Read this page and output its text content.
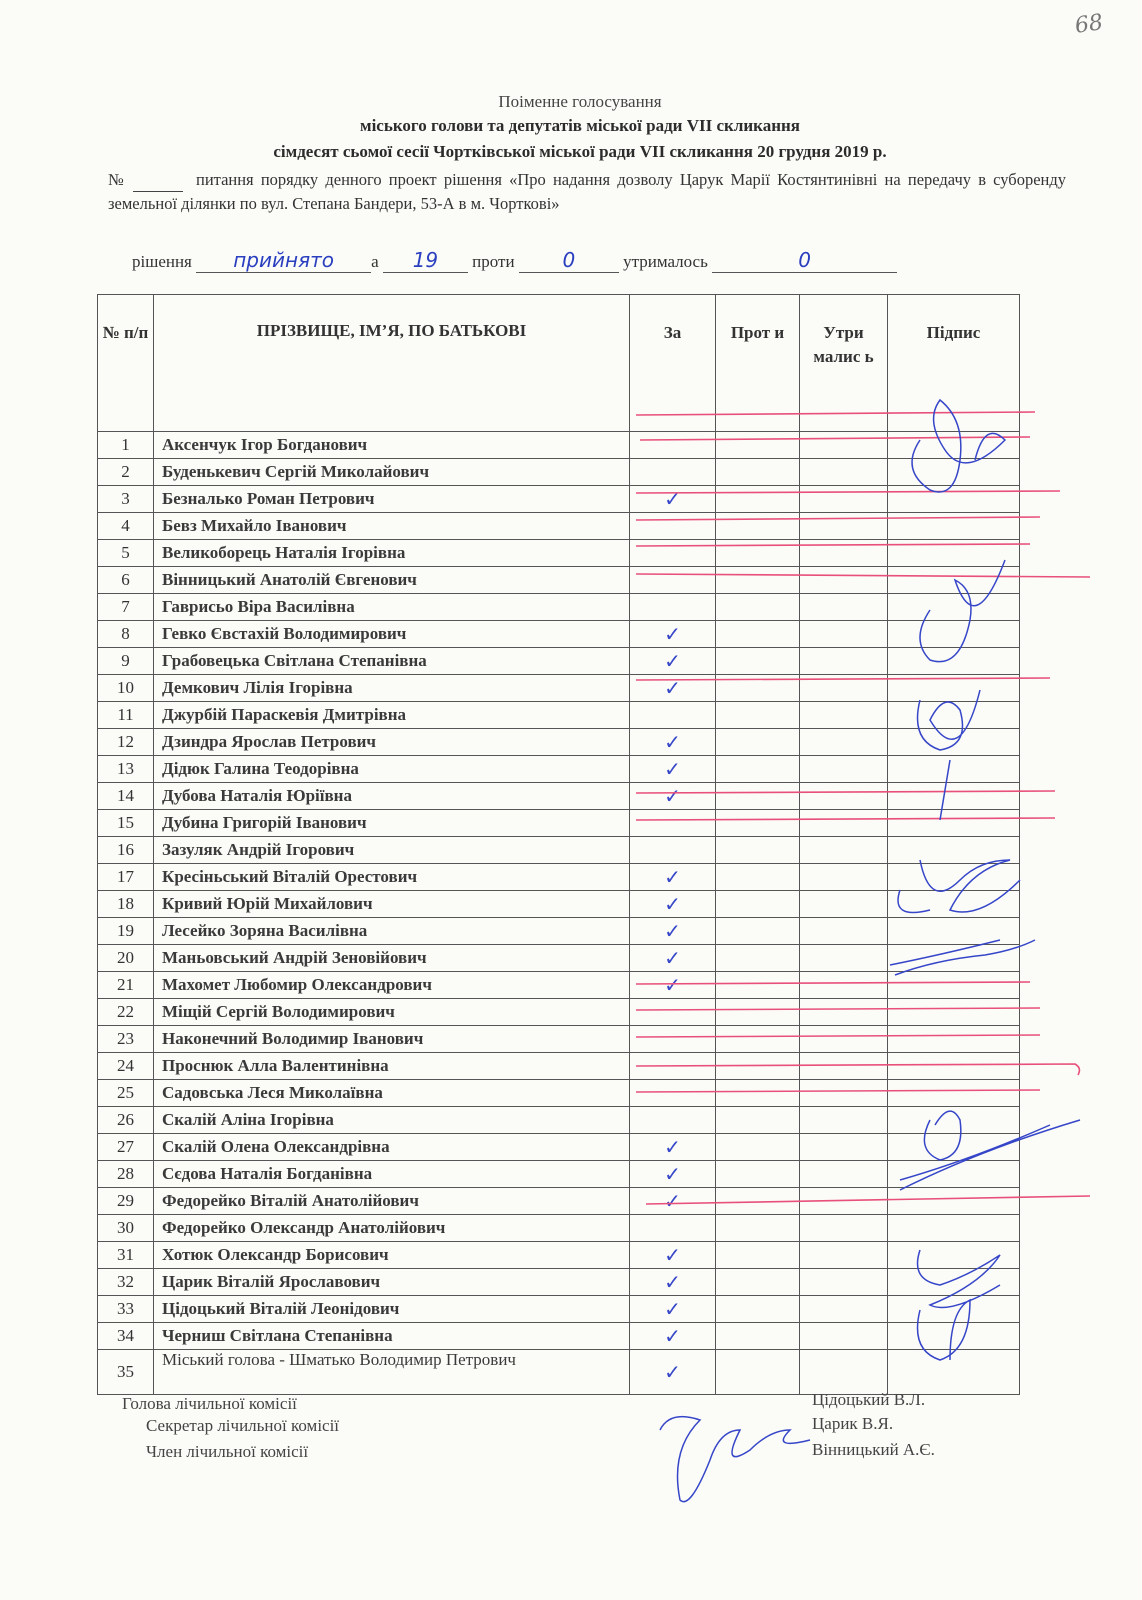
68
Поіменне голосування
міського голови та депутатів міської ради VII скликання
сімдесят сьомої сесії Чортківської міської ради VII скликання 20 грудня 2019 р.
№	питання порядку денного проект рішення «Про надання дозволу Царук Марії Костянтинівні на передачу в суборенду земельної ділянки по вул. Степана Бандери, 53-А в м. Чорткові»
рішення прийнято а 19 проти 0	утрималось	0
№ п/п	ПРІЗВИЩЕ, ІМ’Я, ПО БАТЬКОВІ	За	Прот и	Утри малис ь	Підпис
1	Аксенчук Ігор Богданович				
2	Буденькевич Сергій Миколайович				
3	Безналько Роман Петрович	✓			
4	Бевз Михайло Іванович				
5	Великоборець Наталія Ігорівна				
6	Вінницький Анатолій Євгенович				
7	Гаврисьо Віра Василівна				
8	Гевко Євстахій Володимирович	✓			
9	Грабовецька Світлана Степанівна	✓			
10	Демкович Лілія Ігорівна	✓			
11	Джурбій Параскевія Дмитрівна				
12	Дзиндра Ярослав Петрович	✓			
13	Дідюк Галина Теодорівна	✓			
14	Дубова Наталія Юріївна	✓			
15	Дубина Григорій Іванович				
16	Зазуляк Андрій Ігорович				
17	Кресіньський Віталій Орестович	✓			
18	Кривий Юрій Михайлович	✓			
19	Лесейко Зоряна Василівна	✓			
20	Маньовський Андрій Зеновійович	✓			
21	Махомет Любомир Олександрович	✓			
22	Міщій Сергій Володимирович				
23	Наконечний Володимир Іванович				
24	Проснюк Алла Валентинівна				
25	Садовська Леся Миколаївна				
26	Скалій Аліна Ігорівна				
27	Скалій Олена Олександрівна	✓			
28	Сєдова Наталія Богданівна	✓			
29	Федорейко Віталій Анатолійович	✓			
30	Федорейко Олександр Анатолійович				
31	Хотюк Олександр Борисович	✓			
32	Царик Віталій Ярославович	✓			
33	Цідоцький Віталій Леонідович	✓			
34	Черниш Світлана Степанівна	✓			
35	Міський голова - Шматько Володимир Петрович	✓			
Голова лічильної комісії
Секретар лічильної комісії
Член лічильної комісії
Цідоцький В.Л.
Царик В.Я.
Вінницький А.Є.
